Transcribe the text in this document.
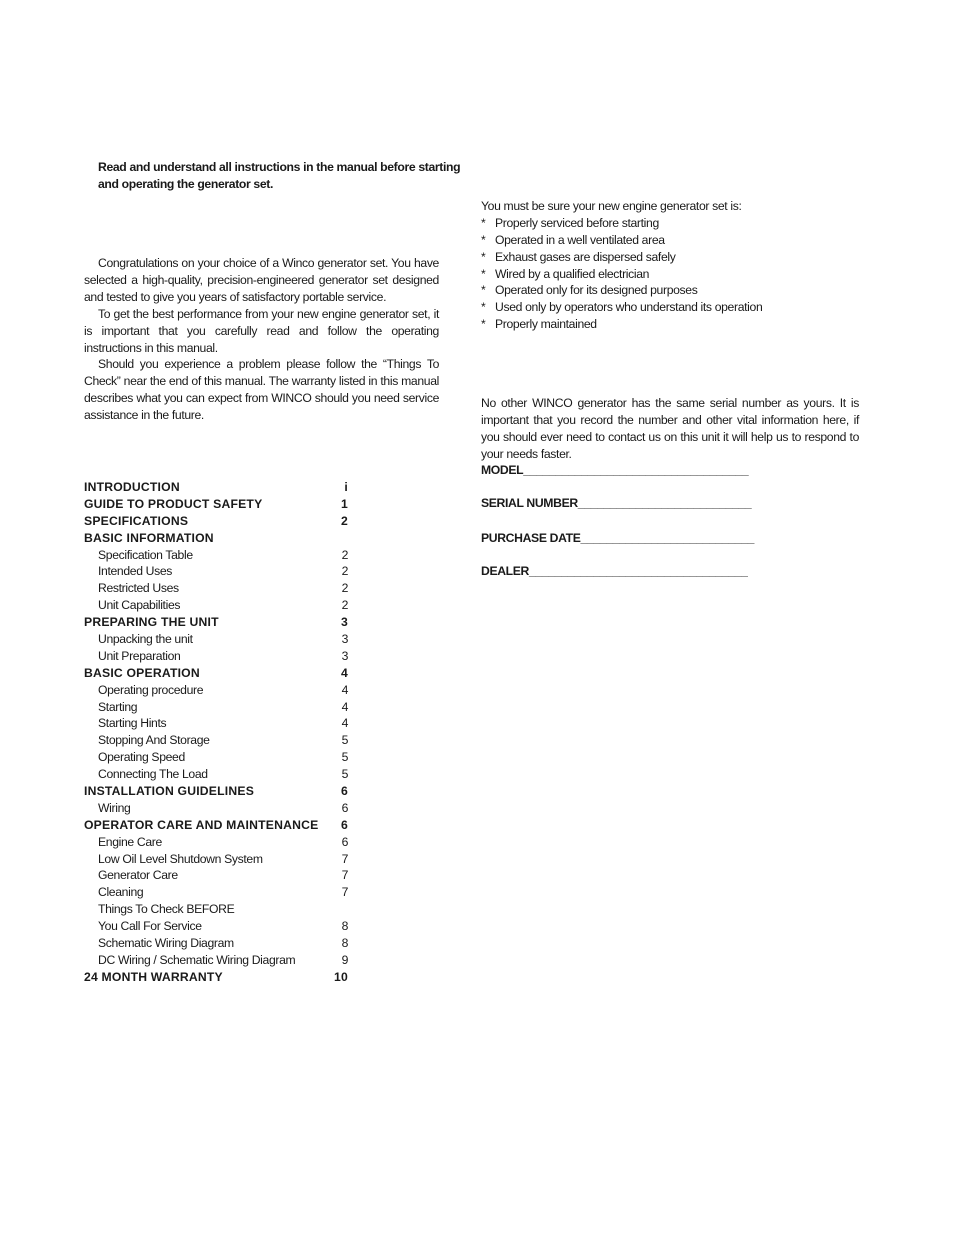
Read and understand all instructions in the manual before starting
and operating the generator set.

Congratulations on your choice of a Winco generator set. You have selected a high-quality, precision-engineered generator set designed and tested to give you years of satisfactory portable service.

To get the best performance from your new engine generator set, it is important that you carefully read and follow the operating instructions in this manual.

Should you experience a problem please follow the “Things To Check” near the end of this manual. The warranty listed in this manual describes what you can expect from WINCO should you need service assistance in the future.

INTRODUCTION	i
GUIDE TO PRODUCT SAFETY	1
SPECIFICATIONS	2
BASIC INFORMATION
Specification Table	2
Intended Uses	2
Restricted Uses	2
Unit Capabilities	2
PREPARING THE UNIT	3
Unpacking the unit	3
Unit Preparation	3
BASIC OPERATION	4
Operating procedure	4
Starting	4
Starting Hints	4
Stopping And Storage	5
Operating Speed	5
Connecting The Load	5
INSTALLATION GUIDELINES	6
Wiring	6
OPERATOR CARE AND MAINTENANCE 6
Engine Care	6
Low Oil Level Shutdown System	7
Generator Care	7
Cleaning	7
Things To Check BEFORE
You Call For Service	8
Schematic Wiring Diagram	8
DC Wiring / Schematic Wiring Diagram	9
24 MONTH WARRANTY	10
You must be sure your new engine generator set is:
* Properly serviced before starting
* Operated in a well ventilated area
* Exhaust gases are dispersed safely
* Wired by a qualified electrician
* Operated only for its designed purposes
* Used only by operators who understand its operation
* Properly maintained

No other WINCO generator has the same serial number as yours. It is important that you record the number and other vital information here, if you should ever need to contact us on this unit it will help us to respond to your needs faster.

MODEL___________________________________
SERIAL NUMBER___________________________
PURCHASE DATE___________________________
DEALER__________________________________
